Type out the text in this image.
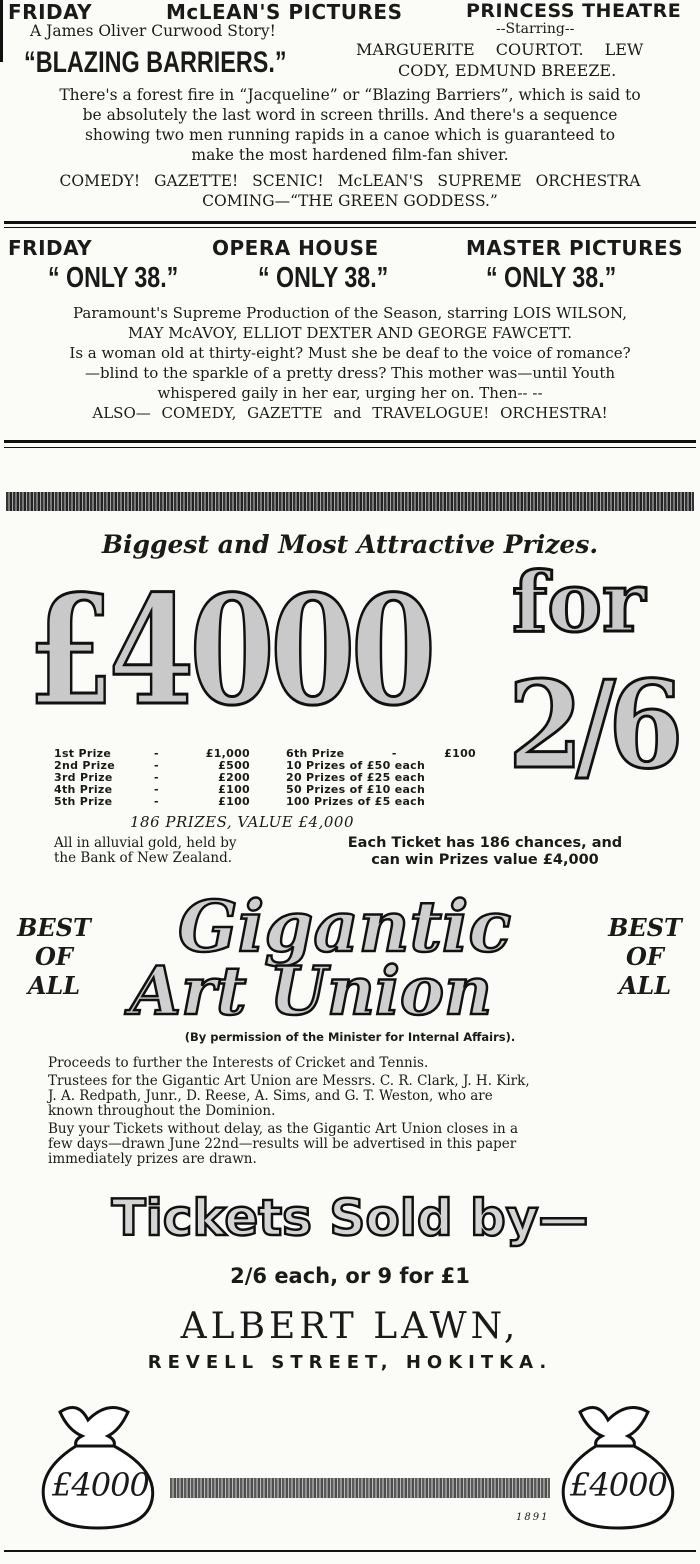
FRIDAY	McLEAN'S PICTURES	PRINCESS THEATRE
A James Oliver Curwood Story!	--Starring--
“BLAZING BARRIERS.”	MARGUERITE COURTOT. LEW
CODY, EDMUND BREEZE.
There's a forest fire in “Jacqueline” or “Blazing Barriers”, which is said to
be absolutely the last word in screen thrills. And there's a sequence
showing two men running rapids in a canoe which is guaranteed to
make the most hardened film-fan shiver.
COMEDY! GAZETTE! SCENIC! McLEAN'S SUPREME ORCHESTRA
COMING—“THE GREEN GODDESS.”
FRIDAY	OPERA HOUSE	MASTER PICTURES
“ ONLY 38.”	“ ONLY 38.”	“ ONLY 38.”
Paramount's Supreme Production of the Season, starring LOIS WILSON,
MAY McAVOY, ELLIOT DEXTER AND GEORGE FAWCETT.
Is a woman old at thirty-eight? Must she be deaf to the voice of romance?
—blind to the sparkle of a pretty dress? This mother was—until Youth
whispered gaily in her ear, urging her on. Then-- --
ALSO— COMEDY, GAZETTE and TRAVELOGUE! ORCHESTRA!
Biggest and Most Attractive Prizes.
£4000 for
2/6
1st Prize	-	£1,000
2nd Prize	-	£500
3rd Prize	-	£200
4th Prize	-	£100
5th Prize	-	£100
6th Prize	-	£100
10 Prizes of £50 each
20 Prizes of £25 each
50 Prizes of £10 each
100 Prizes of £5 each
186 PRIZES, VALUE £4,000
All in alluvial gold, held by
the Bank of New Zealand.
Each Ticket has 186 chances, and
can win Prizes value £4,000
BEST
OF
ALL
BEST
OF
ALL
Gigantic
Art Union
(By permission of the Minister for Internal Affairs).
Proceeds to further the Interests of Cricket and Tennis.
Trustees for the Gigantic Art Union are Messrs. C. R. Clark, J. H. Kirk,
J. A. Redpath, Junr., D. Reese, A. Sims, and G. T. Weston, who are
known throughout the Dominion.
Buy your Tickets without delay, as the Gigantic Art Union closes in a
few days—drawn June 22nd—results will be advertised in this paper
immediately prizes are drawn.
Tickets Sold by—
2/6 each, or 9 for £1
ALBERT LAWN,
REVELL STREET, HOKITKA.
£4000	£4000
1891
